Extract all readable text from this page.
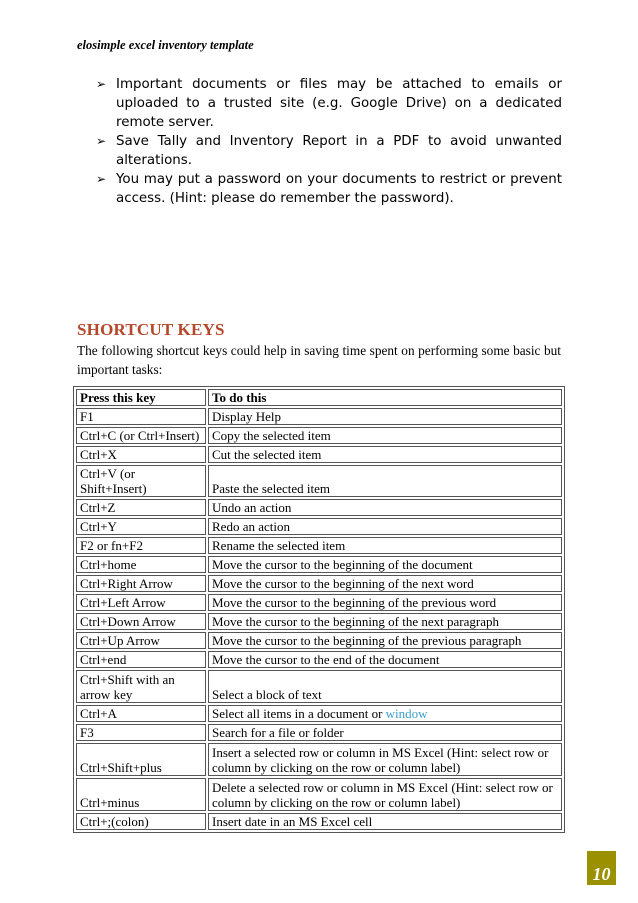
elosimple excel inventory template
➢ Important documents or files may be attached to emails or uploaded to a trusted site (e.g. Google Drive) on a dedicated remote server.
➢ Save Tally and Inventory Report in a PDF to avoid unwanted alterations.
➢ You may put a password on your documents to restrict or prevent access. (Hint: please do remember the password).
SHORTCUT KEYS
The following shortcut keys could help in saving time spent on performing some basic but
important tasks:
Press this key	To do this
F1	Display Help
Ctrl+C (or Ctrl+Insert)	Copy the selected item
Ctrl+X	Cut the selected item
Ctrl+V (or Shift+Insert)	Paste the selected item
Ctrl+Z	Undo an action
Ctrl+Y	Redo an action
F2 or fn+F2	Rename the selected item
Ctrl+home	Move the cursor to the beginning of the document
Ctrl+Right Arrow	Move the cursor to the beginning of the next word
Ctrl+Left Arrow	Move the cursor to the beginning of the previous word
Ctrl+Down Arrow	Move the cursor to the beginning of the next paragraph
Ctrl+Up Arrow	Move the cursor to the beginning of the previous paragraph
Ctrl+end	Move the cursor to the end of the document
Ctrl+Shift with an arrow key	Select a block of text
Ctrl+A	Select all items in a document or window
F3	Search for a file or folder
Ctrl+Shift+plus	Insert a selected row or column in MS Excel (Hint: select row or column by clicking on the row or column label)
Ctrl+minus	Delete a selected row or column in MS Excel (Hint: select row or column by clicking on the row or column label)
Ctrl+;(colon)	Insert date in an MS Excel cell
10
